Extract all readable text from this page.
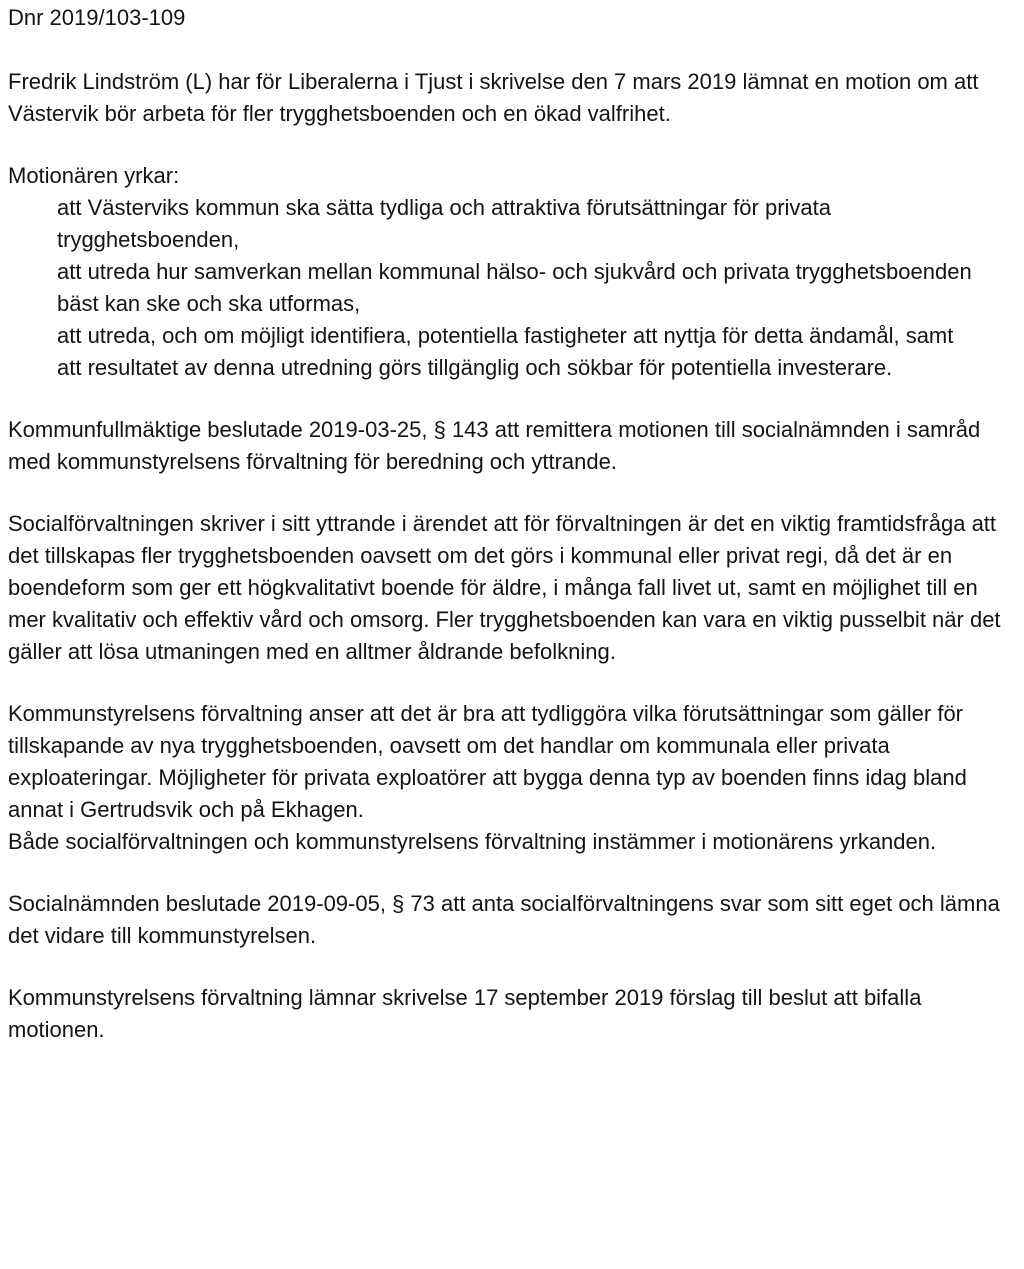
Dnr 2019/103-109

Fredrik Lindström (L) har för Liberalerna i Tjust i skrivelse den 7 mars 2019 lämnat en motion om att Västervik bör arbeta för fler trygghetsboenden och en ökad valfrihet.

Motionären yrkar:

att Västerviks kommun ska sätta tydliga och attraktiva förutsättningar för privata trygghetsboenden,
att utreda hur samverkan mellan kommunal hälso- och sjukvård och privata trygghetsboenden bäst kan ske och ska utformas,
att utreda, och om möjligt identifiera, potentiella fastigheter att nyttja för detta ändamål, samt
att resultatet av denna utredning görs tillgänglig och sökbar för potentiella investerare.

Kommunfullmäktige beslutade 2019-03-25, § 143 att remittera motionen till socialnämnden i samråd med kommunstyrelsens förvaltning för beredning och yttrande.

Socialförvaltningen skriver i sitt yttrande i ärendet att för förvaltningen är det en viktig framtidsfråga att det tillskapas fler trygghetsboenden oavsett om det görs i kommunal eller privat regi, då det är en boendeform som ger ett högkvalitativt boende för äldre, i många fall livet ut, samt en möjlighet till en mer kvalitativ och effektiv vård och omsorg. Fler trygghetsboenden kan vara en viktig pusselbit när det gäller att lösa utmaningen med en alltmer åldrande befolkning.

Kommunstyrelsens förvaltning anser att det är bra att tydliggöra vilka förutsättningar som gäller för tillskapande av nya trygghetsboenden, oavsett om det handlar om kommunala eller privata exploateringar. Möjligheter för privata exploatörer att bygga denna typ av boenden finns idag bland annat i Gertrudsvik och på Ekhagen.

Både socialförvaltningen och kommunstyrelsens förvaltning instämmer i motionärens yrkanden.

Socialnämnden beslutade 2019-09-05, § 73 att anta socialförvaltningens svar som sitt eget och lämna det vidare till kommunstyrelsen.

Kommunstyrelsens förvaltning lämnar skrivelse 17 september 2019 förslag till beslut att bifalla motionen.
